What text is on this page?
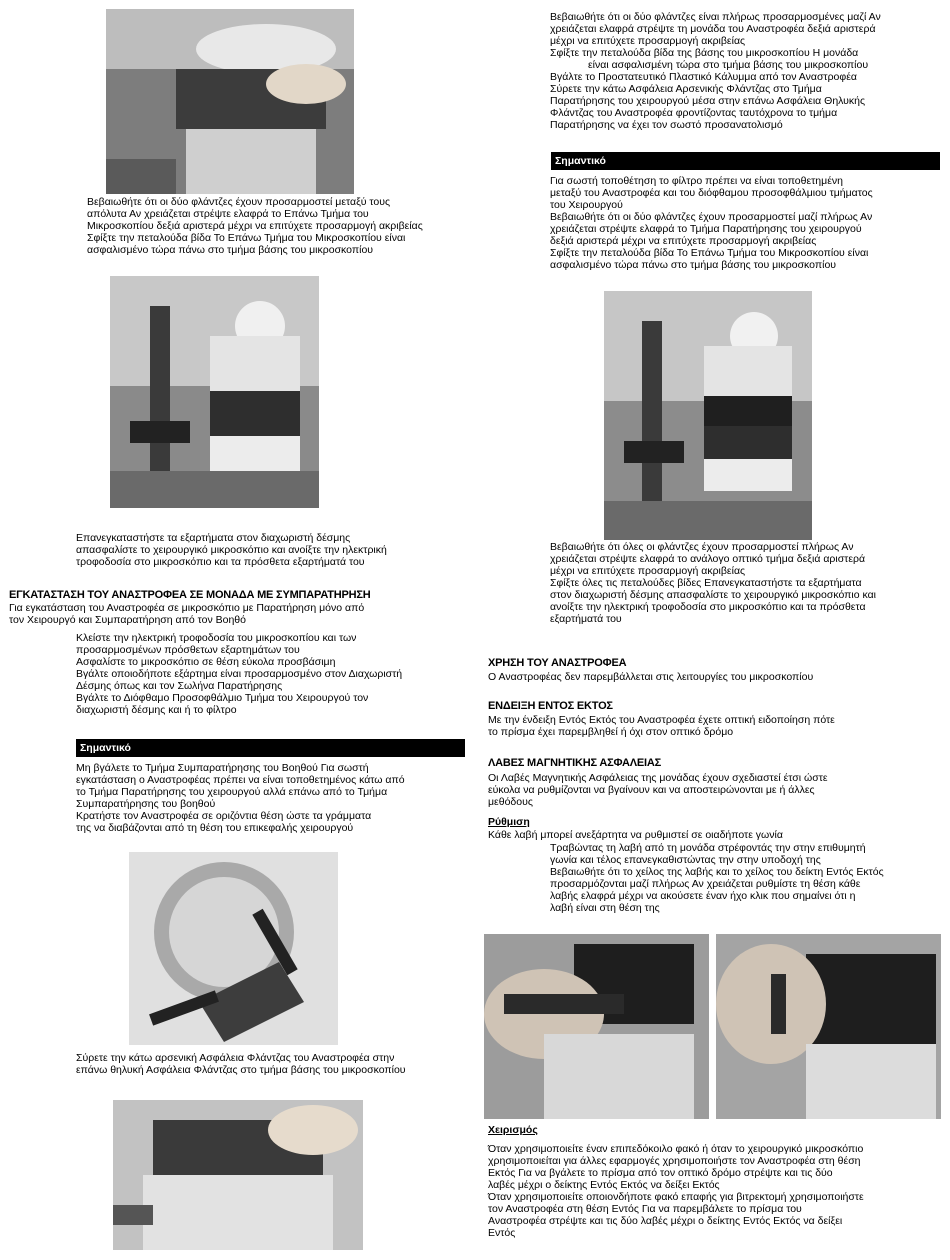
Βεβαιωθήτε ότι οι δύο φλάντζες έχουν προσαρμοστεί μεταξύ τους

απόλυτα Αν χρειάζεται στρέψτε ελαφρά το Επάνω Τμήμα του

Μικροσκοπίου δεξιά αριστερά μέχρι να επιτύχετε προσαρμογή ακριβείας

Σφίξτε την πεταλούδα βίδα Το Επάνω Τμήμα του Μικροσκοπίου είναι

ασφαλισμένο τώρα πάνω στο τμήμα βάσης του μικροσκοπίου

Επανεγκαταστήστε τα εξαρτήματα στον διαχωριστή δέσμης

απασφαλίστε το χειρουργικό μικροσκόπιο και ανοίξτε την ηλεκτρική

τροφοδοσία στο μικροσκόπιο και τα πρόσθετα εξαρτήματά του

ΕΓΚΑΤΑΣΤΑΣΗ ΤΟΥ ΑΝΑΣΤΡΟΦΕΑ ΣΕ ΜΟΝΑΔΑ ΜΕ ΣΥΜΠΑΡΑΤΗΡΗΣΗ

Για εγκατάσταση του Αναστροφέα σε μικροσκόπιο με Παρατήρηση μόνο από

τον Χειρουργό και Συμπαρατήρηση από τον Βοηθό

Κλείστε την ηλεκτρική τροφοδοσία του μικροσκοπίου και των

προσαρμοσμένων πρόσθετων εξαρτημάτων του

Ασφαλίστε το μικροσκόπιο σε θέση εύκολα προσβάσιμη

Βγάλτε οποιοδήποτε εξάρτημα είναι προσαρμοσμένο στον Διαχωριστή

Δέσμης όπως και τον Σωλήνα Παρατήρησης

Βγάλτε το Διόφθαμο Προσοφθάλμιο Τμήμα του Χειρουργού τον

διαχωριστή δέσμης και ή το φίλτρο

Σημαντικό

Μη βγάλετε το Τμήμα Συμπαρατήρησης του Βοηθού Για σωστή

εγκατάσταση ο Αναστροφέας πρέπει να είναι τοποθετημένος κάτω από

το Τμήμα Παρατήρησης του χειρουργού αλλά επάνω από το Τμήμα

Συμπαρατήρησης του βοηθού

Κρατήστε τον Αναστροφέα σε οριζόντια θέση ώστε τα γράμματα

της να διαβάζονται από τη θέση του επικεφαλής χειρουργού

Σύρετε την κάτω αρσενική Ασφάλεια Φλάντζας του Αναστροφέα στην

επάνω θηλυκή Ασφάλεια Φλάντζας στο τμήμα βάσης του μικροσκοπίου

Βεβαιωθήτε ότι οι δύο φλάντζες είναι πλήρως προσαρμοσμένες μαζί Αν

χρειάζεται ελαφρά στρέψτε τη μονάδα του Αναστροφέα δεξιά αριστερά

μέχρι να επιτύχετε προσαρμογή ακριβείας

Σφίξτε την πεταλούδα βίδα της βάσης του μικροσκοπίου Η μονάδα

είναι ασφαλισμένη τώρα στο τμήμα βάσης του μικροσκοπίου

Βγάλτε το Προστατευτικό Πλαστικό Κάλυμμα από τον Αναστροφέα

Σύρετε την κάτω Ασφάλεια Αρσενικής Φλάντζας στο Τμήμα

Παρατήρησης του χειρουργού μέσα στην επάνω Ασφάλεια Θηλυκής

Φλάντζας του Αναστροφέα φροντίζοντας ταυτόχρονα το τμήμα

Παρατήρησης να έχει τον σωστό προσανατολισμό

Σημαντικό

Για σωστή τοποθέτηση το φίλτρο πρέπει να είναι τοποθετημένη

μεταξύ του Αναστροφέα και του διόφθαμου προσοφθάλμιου τμήματος

του Χειρουργού

Βεβαιωθήτε ότι οι δύο φλάντζες έχουν προσαρμοστεί μαζί πλήρως Αν

χρειάζεται στρέψτε ελαφρά το Τμήμα Παρατήρησης του χειρουργού

δεξιά αριστερά μέχρι να επιτύχετε προσαρμογή ακριβείας

Σφίξτε την πεταλούδα βίδα Το Επάνω Τμήμα του Μικροσκοπίου είναι

ασφαλισμένο τώρα πάνω στο τμήμα βάσης του μικροσκοπίου

Βεβαιωθήτε ότι όλες οι φλάντζες έχουν προσαρμοστεί πλήρως Αν

χρειάζεται στρέψτε ελαφρά το ανάλογο οπτικό τμήμα δεξιά αριστερά

μέχρι να επιτύχετε προσαρμογή ακριβείας

Σφίξτε όλες τις πεταλούδες βίδες Επανεγκαταστήστε τα εξαρτήματα

στον διαχωριστή δέσμης απασφαλίστε το χειρουργικό μικροσκόπιο και

ανοίξτε την ηλεκτρική τροφοδοσία στο μικροσκόπιο και τα πρόσθετα

εξαρτήματά του

ΧΡΗΣΗ ΤΟΥ ΑΝΑΣΤΡΟΦΕΑ
Ο Αναστροφέας δεν παρεμβάλλεται στις λειτουργίες του μικροσκοπίου
ΕΝΔΕΙΞΗ ΕΝΤΟΣ ΕΚΤΟΣ

Με την ένδειξη Εντός Εκτός του Αναστροφέα έχετε οπτική ειδοποίηση πότε

το πρίσμα έχει παρεμβληθεί ή όχι στον οπτικό δρόμο

ΛΑΒΕΣ ΜΑΓΝΗΤΙΚΗΣ ΑΣΦΑΛΕΙΑΣ

Οι Λαβές Μαγνητικής Ασφάλειας της μονάδας έχουν σχεδιαστεί έτσι ώστε

εύκολα να ρυθμίζονται να βγαίνουν και να αποστειρώνονται με ή άλλες

μεθόδους

Ρύθμιση

Κάθε λαβή μπορεί ανεξάρτητα να ρυθμιστεί σε οιαδήποτε γωνία

Τραβώντας τη λαβή από τη μονάδα στρέφοντάς την στην επιθυμητή

γωνία και τέλος επανεγκαθιστώντας την στην υποδοχή της

Βεβαιωθήτε ότι το χείλος της λαβής και το χείλος του δείκτη Εντός Εκτός

προσαρμόζονται μαζί πλήρως Αν χρειάζεται ρυθμίστε τη θέση κάθε

λαβής ελαφρά μέχρι να ακούσετε έναν ήχο κλικ που σημαίνει ότι η

λαβή είναι στη θέση της

Χειρισμός

Όταν χρησιμοποιείτε έναν επιπεδόκοιλο φακό ή όταν το χειρουργικό μικροσκόπιο

χρησιμοποιείται για άλλες εφαρμογές χρησιμοποιήστε τον Αναστροφέα στη θέση

Εκτός Για να βγάλετε το πρίσμα από τον οπτικό δρόμο στρέψτε και τις δύο

λαβές μέχρι ο δείκτης Εντός Εκτός να δείξει Εκτός

Όταν χρησιμοποιείτε οποιονδήποτε φακό επαφής για βιτρεκτομή χρησιμοποιήστε

τον Αναστροφέα στη θέση Εντός Για να παρεμβάλετε το πρίσμα του

Αναστροφέα στρέψτε και τις δύο λαβές μέχρι ο δείκτης Εντός Εκτός να δείξει

Εντός
